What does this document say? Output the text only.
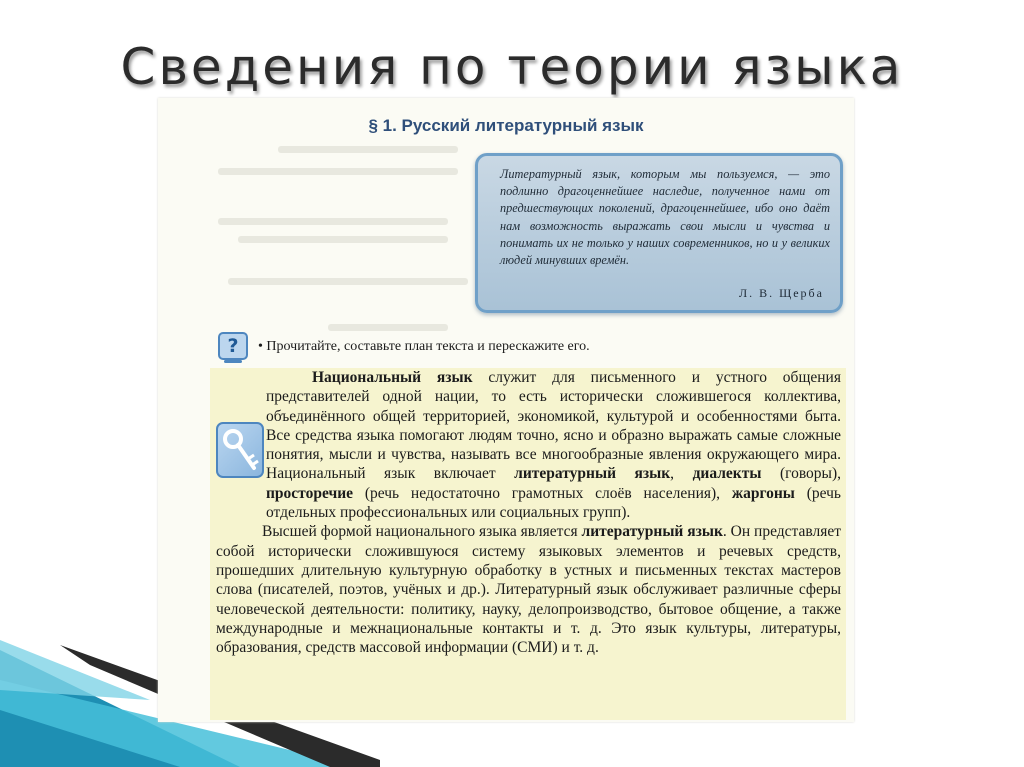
Сведения по теории языка
§ 1. Русский литературный язык
Литературный язык, которым мы пользуемся, — это подлинно драгоценнейшее наследие, полученное нами от предшествующих поколений, драгоценнейшее, ибо оно даёт нам возможность выражать свои мысли и чувства и понимать их не только у наших современников, но и у великих людей минувших времён.
Л. В. Щерба
?	• Прочитайте, составьте план текста и перескажите его.

Национальный язык служит для письменного и устного общения представителей одной нации, то есть исторически сложившегося коллектива, объединённого общей территорией, экономикой, культурой и особенностями быта. Все средства языка помогают людям точно, ясно и образно выражать самые сложные понятия, мысли и чувства, называть все многообразные явления окружающего мира. Национальный язык включает литературный язык, диалекты (говоры), просторечие (речь недостаточно грамотных слоёв населения), жаргоны (речь отдельных профессиональных или социальных групп).

Высшей формой национального языка является литературный язык. Он представляет собой исторически сложившуюся систему языковых элементов и речевых средств, прошедших длительную культурную обработку в устных и письменных текстах мастеров слова (писателей, поэтов, учёных и др.). Литературный язык обслуживает различные сферы человеческой деятельности: политику, науку, делопроизводство, бытовое общение, а также международные и межнациональные контакты и т. д. Это язык культуры, литературы, образования, средств массовой информации (СМИ) и т. д.
